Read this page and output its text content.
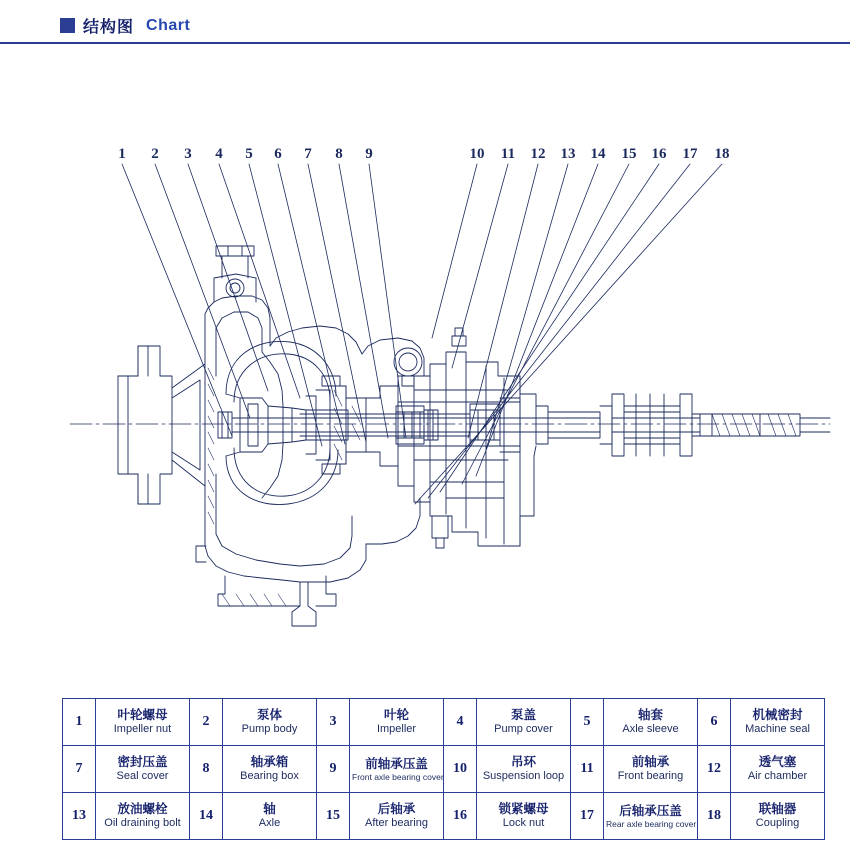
结构图 Chart
1 2 3 4 5 6 7 8 9	10 11 12 13 14 15 16 17 18
1	叶轮螺母
Impeller nut	2	泵体
Pump body	3	叶轮
Impeller	4	泵盖
Pump cover	5	轴套
Axle sleeve	6	机械密封
Machine seal

7	密封压盖
Seal cover	8	轴承箱
Bearing box	9	前轴承压盖
Front axle bearing cover	10	吊环
Suspension loop	11	前轴承
Front bearing	12	透气塞
Air chamber

13	放油螺栓
Oil draining bolt	14	轴
Axle	15	后轴承
After bearing	16	锁紧螺母
Lock nut	17	后轴承压盖
Rear axle bearing cover	18	联轴器
Coupling
